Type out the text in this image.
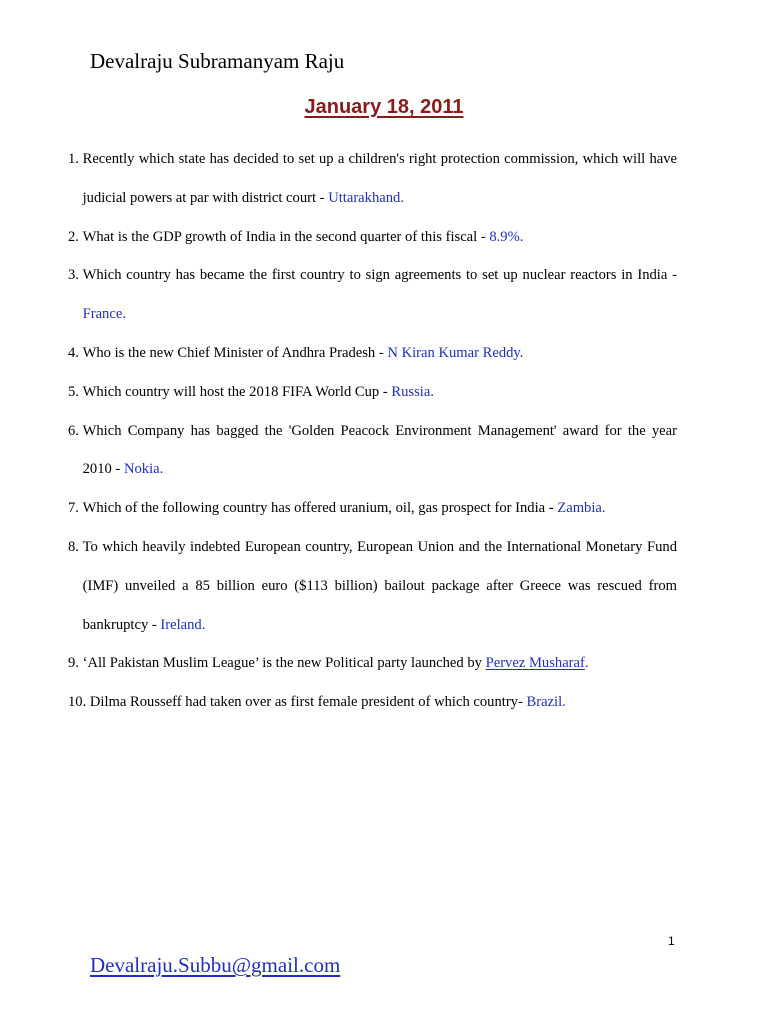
Devalraju Subramanyam Raju
January 18, 2011
1. Recently which state has decided to set up a children's right protection commission, which will have judicial powers at par with district court - Uttarakhand.
2. What is the GDP growth of India in the second quarter of this fiscal - 8.9%.
3. Which country has became the first country to sign agreements to set up nuclear reactors in India - France.
4. Who is the new Chief Minister of Andhra Pradesh - N Kiran Kumar Reddy.
5. Which country will host the 2018 FIFA World Cup - Russia.
6. Which Company has bagged the 'Golden Peacock Environment Management' award for the year 2010 - Nokia.
7. Which of the following country has offered uranium, oil, gas prospect for India - Zambia.
8. To which heavily indebted European country, European Union and the International Monetary Fund (IMF) unveiled a 85 billion euro ($113 billion) bailout package after Greece was rescued from bankruptcy - Ireland.
9. ‘All Pakistan Muslim League’ is the new Political party launched by Pervez Musharaf.
10. Dilma Rousseff had taken over as first female president of which country- Brazil.
1
Devalraju.Subbu@gmail.com
